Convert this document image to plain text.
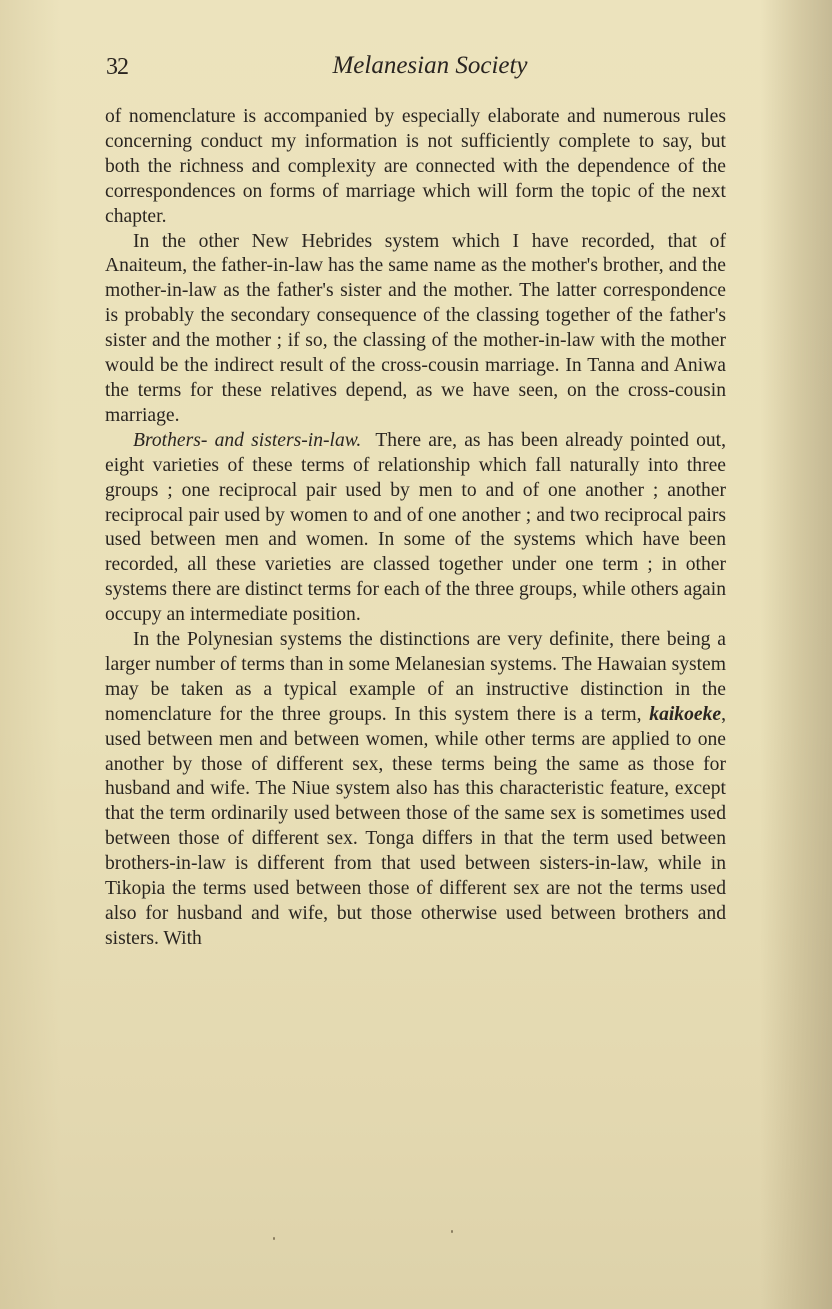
32	Melanesian Society

of nomenclature is accompanied by especially elaborate and numerous rules concerning conduct my information is not sufficiently complete to say, but both the richness and complexity are connected with the dependence of the correspondences on forms of marriage which will form the topic of the next chapter.

In the other New Hebrides system which I have recorded, that of Anaiteum, the father-in-law has the same name as the mother's brother, and the mother-in-law as the father's sister and the mother. The latter correspondence is probably the secondary consequence of the classing together of the father's sister and the mother ; if so, the classing of the mother-in-law with the mother would be the indirect result of the cross-cousin marriage. In Tanna and Aniwa the terms for these relatives depend, as we have seen, on the cross-cousin marriage.

Brothers- and sisters-in-law. There are, as has been already pointed out, eight varieties of these terms of relationship which fall naturally into three groups ; one reciprocal pair used by men to and of one another ; another reciprocal pair used by women to and of one another ; and two reciprocal pairs used between men and women. In some of the systems which have been recorded, all these varieties are classed together under one term ; in other systems there are distinct terms for each of the three groups, while others again occupy an intermediate position.

In the Polynesian systems the distinctions are very definite, there being a larger number of terms than in some Melanesian systems. The Hawaian system may be taken as a typical example of an instructive distinction in the nomenclature for the three groups. In this system there is a term, kaikoeke, used between men and between women, while other terms are applied to one another by those of different sex, these terms being the same as those for husband and wife. The Niue system also has this characteristic feature, except that the term ordinarily used between those of the same sex is sometimes used between those of different sex. Tonga differs in that the term used between brothers-in-law is different from that used between sisters-in-law, while in Tikopia the terms used between those of different sex are not the terms used also for husband and wife, but those otherwise used between brothers and sisters. With
